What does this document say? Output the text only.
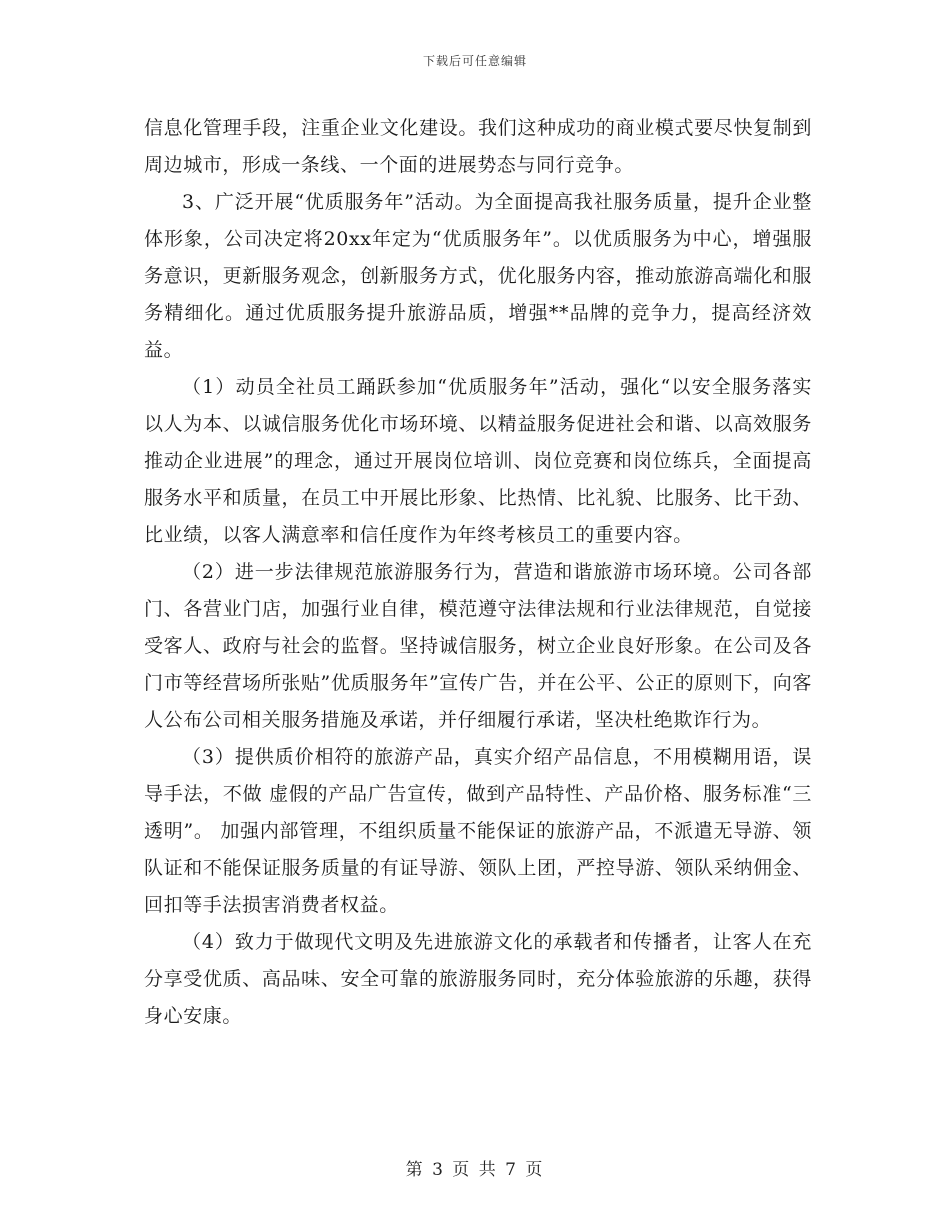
下载后可任意编辑

信息化管理手段，注重企业文化建设。我们这种成功的商业模式要尽快复制到周边城市，形成一条线、一个面的进展势态与同行竞争。

3、广泛开展“优质服务年”活动。为全面提高我社服务质量，提升企业整体形象，公司决定将20xx年定为“优质服务年”。以优质服务为中心，增强服务意识，更新服务观念，创新服务方式，优化服务内容，推动旅游高端化和服务精细化。通过优质服务提升旅游品质，增强**品牌的竞争力，提高经济效益。

（1）动员全社员工踊跃参加“优质服务年”活动，强化“以安全服务落实以人为本、以诚信服务优化市场环境、以精益服务促进社会和谐、以高效服务推动企业进展”的理念，通过开展岗位培训、岗位竞赛和岗位练兵，全面提高服务水平和质量，在员工中开展比形象、比热情、比礼貌、比服务、比干劲、比业绩，以客人满意率和信任度作为年终考核员工的重要内容。

（2）进一步法律规范旅游服务行为，营造和谐旅游市场环境。公司各部门、各营业门店，加强行业自律，模范遵守法律法规和行业法律规范，自觉接受客人、政府与社会的监督。坚持诚信服务，树立企业良好形象。在公司及各门市等经营场所张贴”优质服务年”宣传广告，并在公平、公正的原则下，向客人公布公司相关服务措施及承诺，并仔细履行承诺，坚决杜绝欺诈行为。

（3）提供质价相符的旅游产品，真实介绍产品信息，不用模糊用语，误导手法，不做 虚假的产品广告宣传，做到产品特性、产品价格、服务标准“三透明”。 加强内部管理，不组织质量不能保证的旅游产品，不派遣无导游、领队证和不能保证服务质量的有证导游、领队上团，严控导游、领队采纳佣金、回扣等手法损害消费者权益。

（4）致力于做现代文明及先进旅游文化的承载者和传播者，让客人在充分享受优质、高品味、安全可靠的旅游服务同时，充分体验旅游的乐趣，获得身心安康。

第 3 页 共 7 页
